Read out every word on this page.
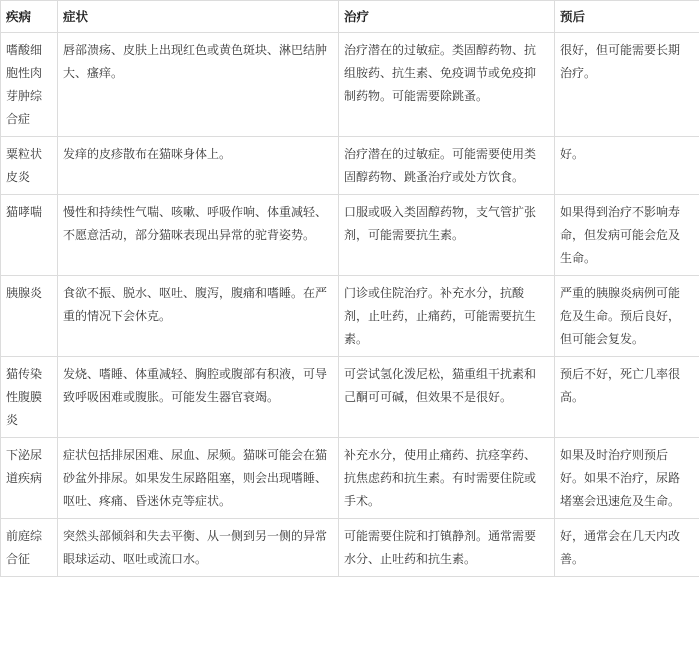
疾病	症状	治疗	预后
嗜酸细胞性肉芽肿综合症	唇部溃疡、皮肤上出现红色或黄色斑块、淋巴结肿大、瘙痒。	治疗潜在的过敏症。类固醇药物、抗组胺药、抗生素、免疫调节或免疫抑制药物。可能需要除跳蚤。	很好，但可能需要长期治疗。
粟粒状皮炎	发痒的皮疹散布在猫咪身体上。	治疗潜在的过敏症。可能需要使用类固醇药物、跳蚤治疗或处方饮食。	好。
猫哮喘	慢性和持续性气喘、咳嗽、呼吸作响、体重减轻、不愿意活动，部分猫咪表现出异常的驼背姿势。	口服或吸入类固醇药物，支气管扩张剂，可能需要抗生素。	如果得到治疗不影响寿命，但发病可能会危及生命。
胰腺炎	食欲不振、脱水、呕吐、腹泻，腹痛和嗜睡。在严重的情况下会休克。	门诊或住院治疗。补充水分，抗酸剂，止吐药，止痛药，可能需要抗生素。	严重的胰腺炎病例可能危及生命。预后良好，但可能会复发。
猫传染性腹膜炎	发烧、嗜睡、体重减轻、胸腔或腹部有积液，可导致呼吸困难或腹胀。可能发生器官衰竭。	可尝试氢化泼尼松，猫重组干扰素和己酮可可碱，但效果不是很好。	预后不好，死亡几率很高。
下泌尿道疾病	症状包括排尿困难、尿血、尿频。猫咪可能会在猫砂盆外排尿。如果发生尿路阻塞，则会出现嗜睡、呕吐、疼痛、昏迷休克等症状。	补充水分，使用止痛药、抗痉挛药、抗焦虑药和抗生素。有时需要住院或手术。	如果及时治疗则预后好。如果不治疗，尿路堵塞会迅速危及生命。
前庭综合征	突然头部倾斜和失去平衡、从一侧到另一侧的异常眼球运动、呕吐或流口水。	可能需要住院和打镇静剂。通常需要水分、止吐药和抗生素。	好，通常会在几天内改善。
